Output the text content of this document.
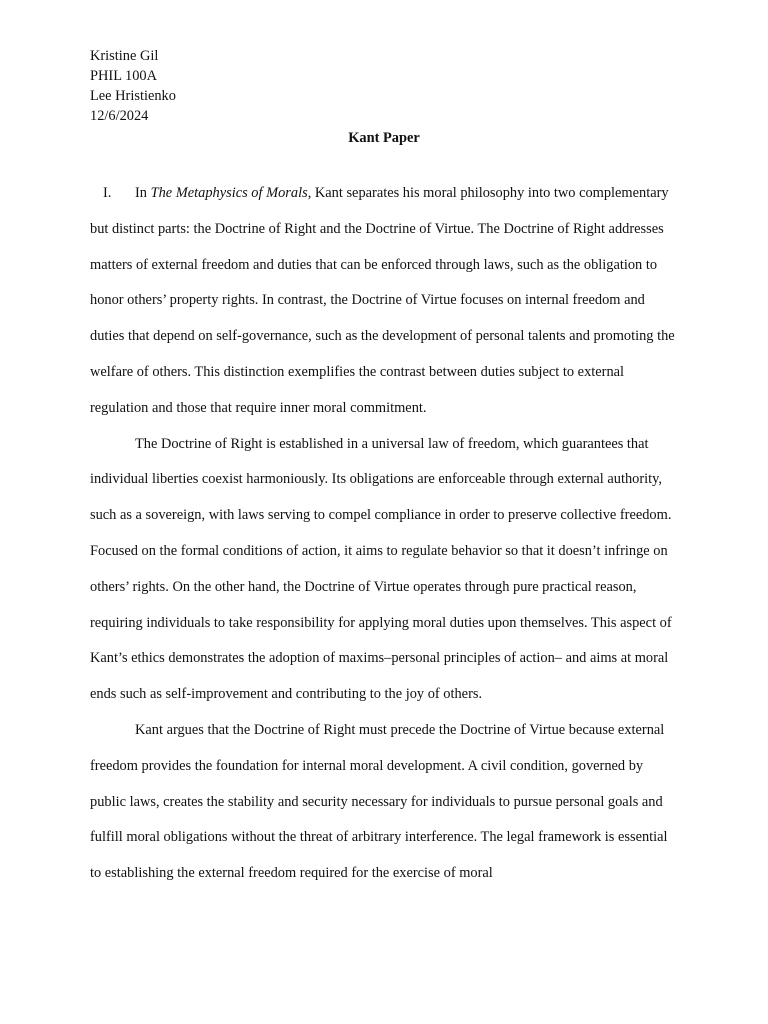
Kristine Gil
PHIL 100A
Lee Hristienko
12/6/2024
Kant Paper

I. In The Metaphysics of Morals, Kant separates his moral philosophy into two complementary but distinct parts: the Doctrine of Right and the Doctrine of Virtue. The Doctrine of Right addresses matters of external freedom and duties that can be enforced through laws, such as the obligation to honor others’ property rights. In contrast, the Doctrine of Virtue focuses on internal freedom and duties that depend on self-governance, such as the development of personal talents and promoting the welfare of others. This distinction exemplifies the contrast between duties subject to external regulation and those that require inner moral commitment.

The Doctrine of Right is established in a universal law of freedom, which guarantees that individual liberties coexist harmoniously. Its obligations are enforceable through external authority, such as a sovereign, with laws serving to compel compliance in order to preserve collective freedom. Focused on the formal conditions of action, it aims to regulate behavior so that it doesn’t infringe on others’ rights. On the other hand, the Doctrine of Virtue operates through pure practical reason, requiring individuals to take responsibility for applying moral duties upon themselves. This aspect of Kant’s ethics demonstrates the adoption of maxims–personal principles of action– and aims at moral ends such as self-improvement and contributing to the joy of others.

Kant argues that the Doctrine of Right must precede the Doctrine of Virtue because external freedom provides the foundation for internal moral development. A civil condition, governed by public laws, creates the stability and security necessary for individuals to pursue personal goals and fulfill moral obligations without the threat of arbitrary interference. The legal framework is essential to establishing the external freedom required for the exercise of moral
